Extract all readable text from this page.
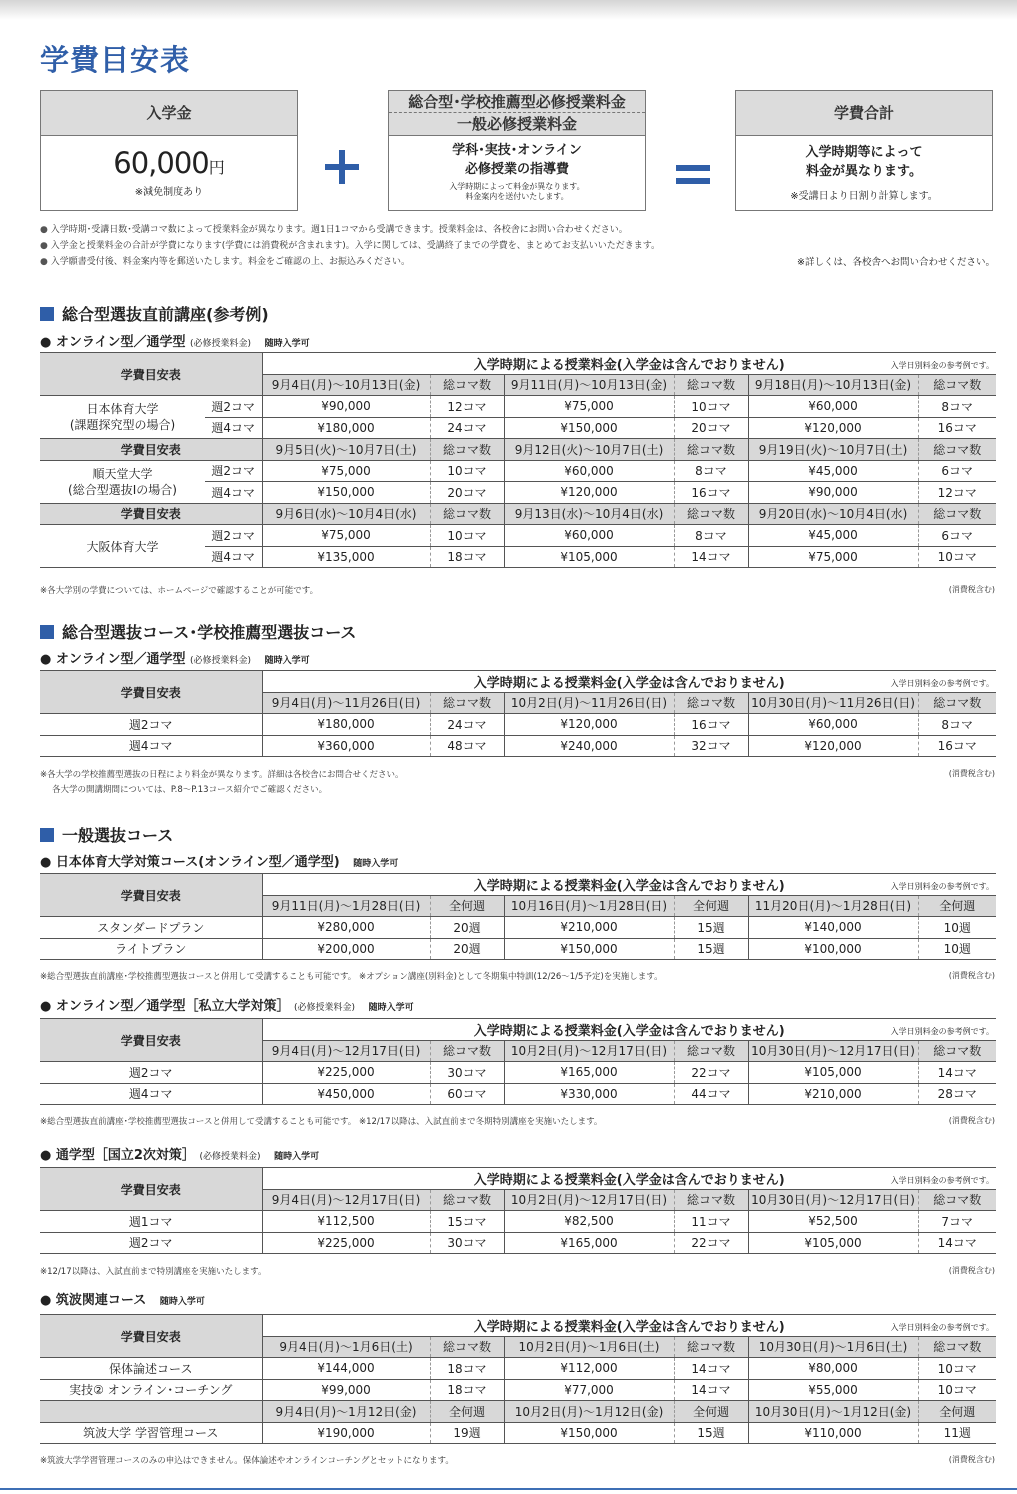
学費目安表
入学金
60,000円
※減免制度あり
総合型･学校推薦型必修授業料金
一般必修授業料金
学科･実技･オンライン
必修授業の指導費
入学時期によって料金が異なります。
料金案内を送付いたします。
学費合計
入学時期等によって
料金が異なります。
※受講日より日割り計算します。
● 入学時期･受講日数･受講コマ数によって授業料金が異なります。週1日1コマから受講できます。授業料金は、各校舎にお問い合わせください。
● 入学金と授業料金の合計が学費になります(学費には消費税が含まれます)。入学に関しては、受講終了までの学費を、まとめてお支払いいただきます。
● 入学願書受付後、料金案内等を郵送いたします。料金をご確認の上、お振込みください。	※詳しくは、各校舎へお問い合わせください。
総合型選抜直前講座(参考例)
● オンライン型／通学型 (必修授業料金) 随時入学可
学費目安表		入学時期による授業料金(入学金は含んでおりません) 入学日別料金の参考例です。					

		9月4日(月)～10月13日(金)	総コマ数	9月11日(月)～10月13日(金)	総コマ数	9月18日(月)～10月13日(金)	総コマ数

日本体育大学
(課題探究型の場合)	週2コマ	¥90,000	12コマ	¥75,000	10コマ	¥60,000	8コマ
	週4コマ	¥180,000	24コマ	¥150,000	20コマ	¥120,000	16コマ
学費目安表		9月5日(火)～10月7日(土)	総コマ数	9月12日(火)～10月7日(土)	総コマ数	9月19日(火)～10月7日(土)	総コマ数

順天堂大学
(総合型選抜Ⅰの場合)	週2コマ	¥75,000	10コマ	¥60,000	8コマ	¥45,000	6コマ
	週4コマ	¥150,000	20コマ	¥120,000	16コマ	¥90,000	12コマ
学費目安表		9月6日(水)～10月4日(水)	総コマ数	9月13日(水)～10月4日(水)	総コマ数	9月20日(水)～10月4日(水)	総コマ数
大阪体育大学	週2コマ	¥75,000	10コマ	¥60,000	8コマ	¥45,000	6コマ
	週4コマ	¥135,000	18コマ	¥105,000	14コマ	¥75,000	10コマ
※各大学別の学費については、ホームページで確認することが可能です。	(消費税含む)
総合型選抜コース･学校推薦型選抜コース
● オンライン型／通学型 (必修授業料金) 随時入学可
学費目安表	入学時期による授業料金(入学金は含んでおりません) 入学日別料金の参考例です。					

	9月4日(月)～11月26日(日)	総コマ数	10月2日(月)～11月26日(日)	総コマ数	10月30日(月)～11月26日(日)	総コマ数
週2コマ	¥180,000	24コマ	¥120,000	16コマ	¥60,000	8コマ
週4コマ	¥360,000	48コマ	¥240,000	32コマ	¥120,000	16コマ
※各大学の学校推薦型選抜の日程により料金が異なります。詳細は各校舎にお問合せください。
各大学の開講期間については、P.8～P.13コース紹介でご確認ください。
(消費税含む)
一般選抜コース
● 日本体育大学対策コース(オンライン型／通学型) 随時入学可
学費目安表	入学時期による授業料金(入学金は含んでおりません) 入学日別料金の参考例です。					

	9月11日(月)～1月28日(日)	全何週	10月16日(月)～1月28日(日)	全何週	11月20日(月)～1月28日(日)	全何週
スタンダードプラン	¥280,000	20週	¥210,000	15週	¥140,000	10週
ライトプラン	¥200,000	20週	¥150,000	15週	¥100,000	10週
※総合型選抜直前講座･学校推薦型選抜コースと併用して受講することも可能です。 ※オプション講座(別料金)として冬期集中特訓(12/26～1/5予定)を実施します。	(消費税含む)
● オンライン型／通学型［私立大学対策］ (必修授業料金) 随時入学可
学費目安表	入学時期による授業料金(入学金は含んでおりません) 入学日別料金の参考例です。					

	9月4日(月)～12月17日(日)	総コマ数	10月2日(月)～12月17日(日)	総コマ数	10月30日(月)～12月17日(日)	総コマ数
週2コマ	¥225,000	30コマ	¥165,000	22コマ	¥105,000	14コマ
週4コマ	¥450,000	60コマ	¥330,000	44コマ	¥210,000	28コマ
※総合型選抜直前講座･学校推薦型選抜コースと併用して受講することも可能です。 ※12/17以降は、入試直前まで冬期特別講座を実施いたします。	(消費税含む)
● 通学型［国立2次対策］ (必修授業料金) 随時入学可
学費目安表	入学時期による授業料金(入学金は含んでおりません) 入学日別料金の参考例です。					

	9月4日(月)～12月17日(日)	総コマ数	10月2日(月)～12月17日(日)	総コマ数	10月30日(月)～12月17日(日)	総コマ数
週1コマ	¥112,500	15コマ	¥82,500	11コマ	¥52,500	7コマ
週2コマ	¥225,000	30コマ	¥165,000	22コマ	¥105,000	14コマ
※12/17以降は、入試直前まで特別講座を実施いたします。	(消費税含む)
● 筑波関連コース 随時入学可
学費目安表	入学時期による授業料金(入学金は含んでおりません) 入学日別料金の参考例です。					

	9月4日(月)～1月6日(土)	総コマ数	10月2日(月)～1月6日(土)	総コマ数	10月30日(月)～1月6日(土)	総コマ数
保体論述コース	¥144,000	18コマ	¥112,000	14コマ	¥80,000	10コマ
実技② オンライン･コーチング	¥99,000	18コマ	¥77,000	14コマ	¥55,000	10コマ
	9月4日(月)～1月12日(金)	全何週	10月2日(月)～1月12日(金)	全何週	10月30日(月)～1月12日(金)	全何週
筑波大学 学習管理コース	¥190,000	19週	¥150,000	15週	¥110,000	11週
※筑波大学学習管理コースのみの申込はできません。保体論述やオンラインコーチングとセットになります。	(消費税含む)
